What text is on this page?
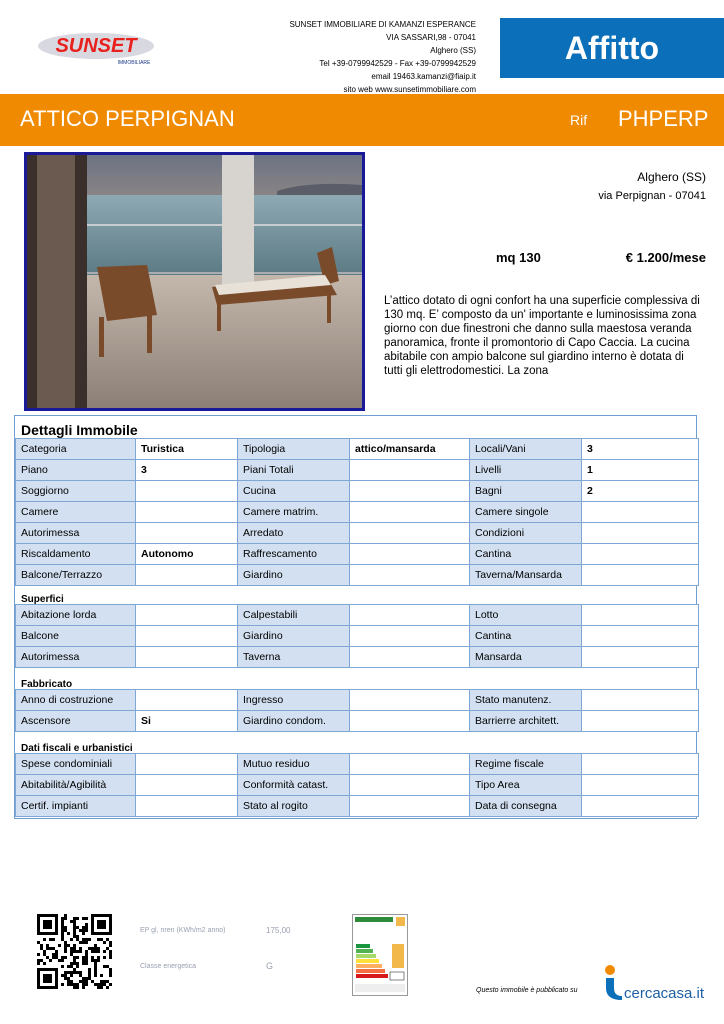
SUNSET
IMMOBILIARE
SUNSET IMMOBILIARE DI KAMANZI ESPERANCE
VIA SASSARI,98 - 07041
Alghero (SS)
Tel +39-0799942529 - Fax +39-0799942529
email 19463.kamanzi@fiaip.it
sito web www.sunsetimmobiliare.com
Affitto
ATTICO PERPIGNAN	Rif PHPERP
Alghero (SS)
via Perpignan - 07041
mq 130	€ 1.200/mese
L’attico dotato di ogni confort ha una superficie complessiva di 130 mq. E’ composto da un' importante e luminosissima zona giorno con due finestroni che danno sulla maestosa veranda panoramica, fronte il promontorio di Capo Caccia. La cucina abitabile con ampio balcone sul giardino interno è dotata di tutti gli elettrodomestici. La zona
Dettagli Immobile
Categoria	Turistica	Tipologia	attico/mansarda	Locali/Vani	3
Piano	3	Piani Totali		Livelli	1
Soggiorno		Cucina		Bagni	2
Camere		Camere matrim.		Camere singole	
Autorimessa		Arredato		Condizioni	
Riscaldamento	Autonomo	Raffrescamento		Cantina	
Balcone/Terrazzo		Giardino		Taverna/Mansarda	
Superfici
Abitazione lorda		Calpestabili		Lotto	
Balcone		Giardino		Cantina	
Autorimessa		Taverna		Mansarda	
Fabbricato
Anno di costruzione		Ingresso		Stato manutenz.	
Ascensore	Si	Giardino condom.		Barrierre architett.	
Dati fiscali e urbanistici
Spese condominiali		Mutuo residuo		Regime fiscale	
Abitabilità/Agibilità		Conformità catast.		Tipo Area	
Certif. impianti		Stato al rogito		Data di consegna	
EP gl, nren (KWh/m2 anno)	175,00
Classe energetica	G
Questo immobile è pubblicato su	cercacasa.it
